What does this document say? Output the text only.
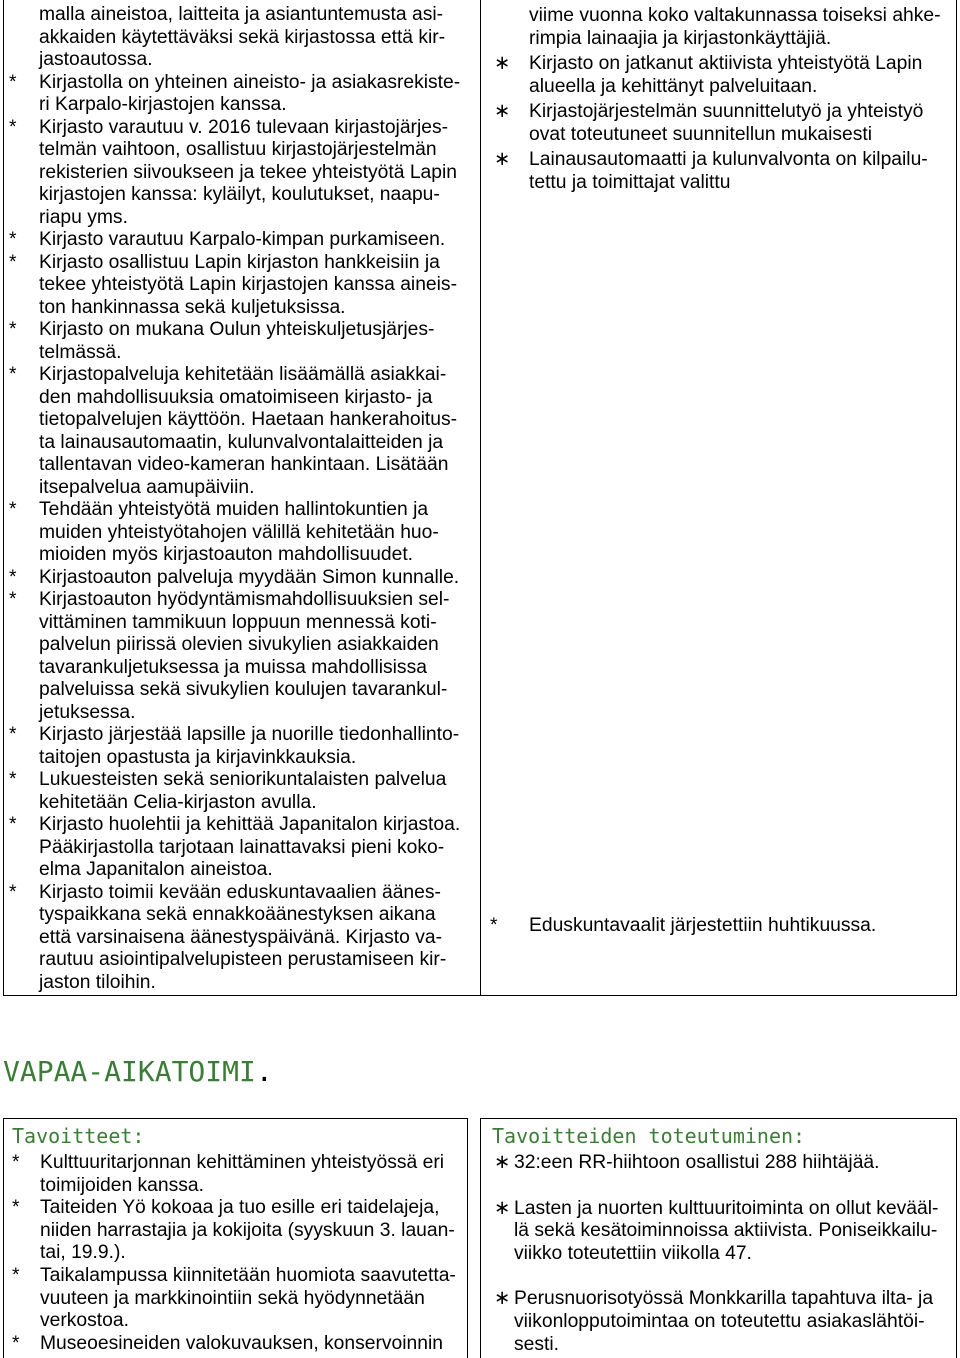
malla aineistoa, laitteita ja asiantuntemusta asi-
akkaiden käytettäväksi sekä kirjastossa että kir-
jastoautossa.
* Kirjastolla on yhteinen aineisto- ja asiakasrekiste-
ri Karpalo-kirjastojen kanssa.
* Kirjasto varautuu v. 2016 tulevaan kirjastojärjes-
telmän vaihtoon, osallistuu kirjastojärjestelmän
rekisterien siivoukseen ja tekee yhteistyötä Lapin
kirjastojen kanssa: kyläilyt, koulutukset, naapu-
riapu yms.
* Kirjasto varautuu Karpalo-kimpan purkamiseen.
* Kirjasto osallistuu Lapin kirjaston hankkeisiin ja
tekee yhteistyötä Lapin kirjastojen kanssa aineis-
ton hankinnassa sekä kuljetuksissa.
* Kirjasto on mukana Oulun yhteiskuljetusjärjes-
telmässä.
* Kirjastopalveluja kehitetään lisäämällä asiakkai-
den mahdollisuuksia omatoimiseen kirjasto- ja
tietopalvelujen käyttöön. Haetaan hankerahoitus-
ta lainausautomaatin, kulunvalvontalaitteiden ja
tallentavan video-kameran hankintaan. Lisätään
itsepalvelua aamupäiviin.
* Tehdään yhteistyötä muiden hallintokuntien ja
muiden yhteistyötahojen välillä kehitetään huo-
mioiden myös kirjastoauton mahdollisuudet.
* Kirjastoauton palveluja myydään Simon kunnalle.
* Kirjastoauton hyödyntämismahdollisuuksien sel-
vittäminen tammikuun loppuun mennessä koti-
palvelun piirissä olevien sivukylien asiakkaiden
tavarankuljetuksessa ja muissa mahdollisissa
palveluissa sekä sivukylien koulujen tavarankul-
jetuksessa.
* Kirjasto järjestää lapsille ja nuorille tiedonhallinto-
taitojen opastusta ja kirjavinkkauksia.
* Lukuesteisten sekä seniorikuntalaisten palvelua
kehitetään Celia-kirjaston avulla.
* Kirjasto huolehtii ja kehittää Japanitalon kirjastoa.
Pääkirjastolla tarjotaan lainattavaksi pieni koko-
elma Japanitalon aineistoa.
* Kirjasto toimii kevään eduskuntavaalien äänes-
tyspaikkana sekä ennakkoäänestyksen aikana
että varsinaisena äänestyspäivänä. Kirjasto va-
rautuu asiointipalvelupisteen perustamiseen kir-
jaston tiloihin.
viime vuonna koko valtakunnassa toiseksi ahke-
rimpia lainaajia ja kirjastonkäyttäjiä.
∗ Kirjasto on jatkanut aktiivista yhteistyötä Lapin
alueella ja kehittänyt palveluitaan.
∗ Kirjastojärjestelmän suunnittelutyö ja yhteistyö
ovat toteutuneet suunnitellun mukaisesti
∗ Lainausautomaatti ja kulunvalvonta on kilpailu-
tettu ja toimittajat valittu
* Eduskuntavaalit järjestettiin huhtikuussa.
VAPAA-AIKATOIMI.
Tavoitteet:
* Kulttuuritarjonnan kehittäminen yhteistyössä eri
toimijoiden kanssa.
* Taiteiden Yö kokoaa ja tuo esille eri taidelajeja,
niiden harrastajia ja kokijoita (syyskuun 3. lauan-
tai, 19.9.).
* Taikalampussa kiinnitetään huomiota saavutetta-
vuuteen ja markkinointiin sekä hyödynnetään
verkostoa.
* Museoesineiden valokuvauksen, konservoinnin
Tavoitteiden toteutuminen:
∗ 32:een RR-hiihtoon osallistui 288 hiihtäjää.
∗ Lasten ja nuorten kulttuuritoiminta on ollut kevääl-
lä sekä kesätoiminnoissa aktiivista. Poniseikkailu-
viikko toteutettiin viikolla 47.
∗ Perusnuorisotyössä Monkkarilla tapahtuva ilta- ja
viikonlopputoimintaa on toteutettu asiakaslähtöi-
sesti.
